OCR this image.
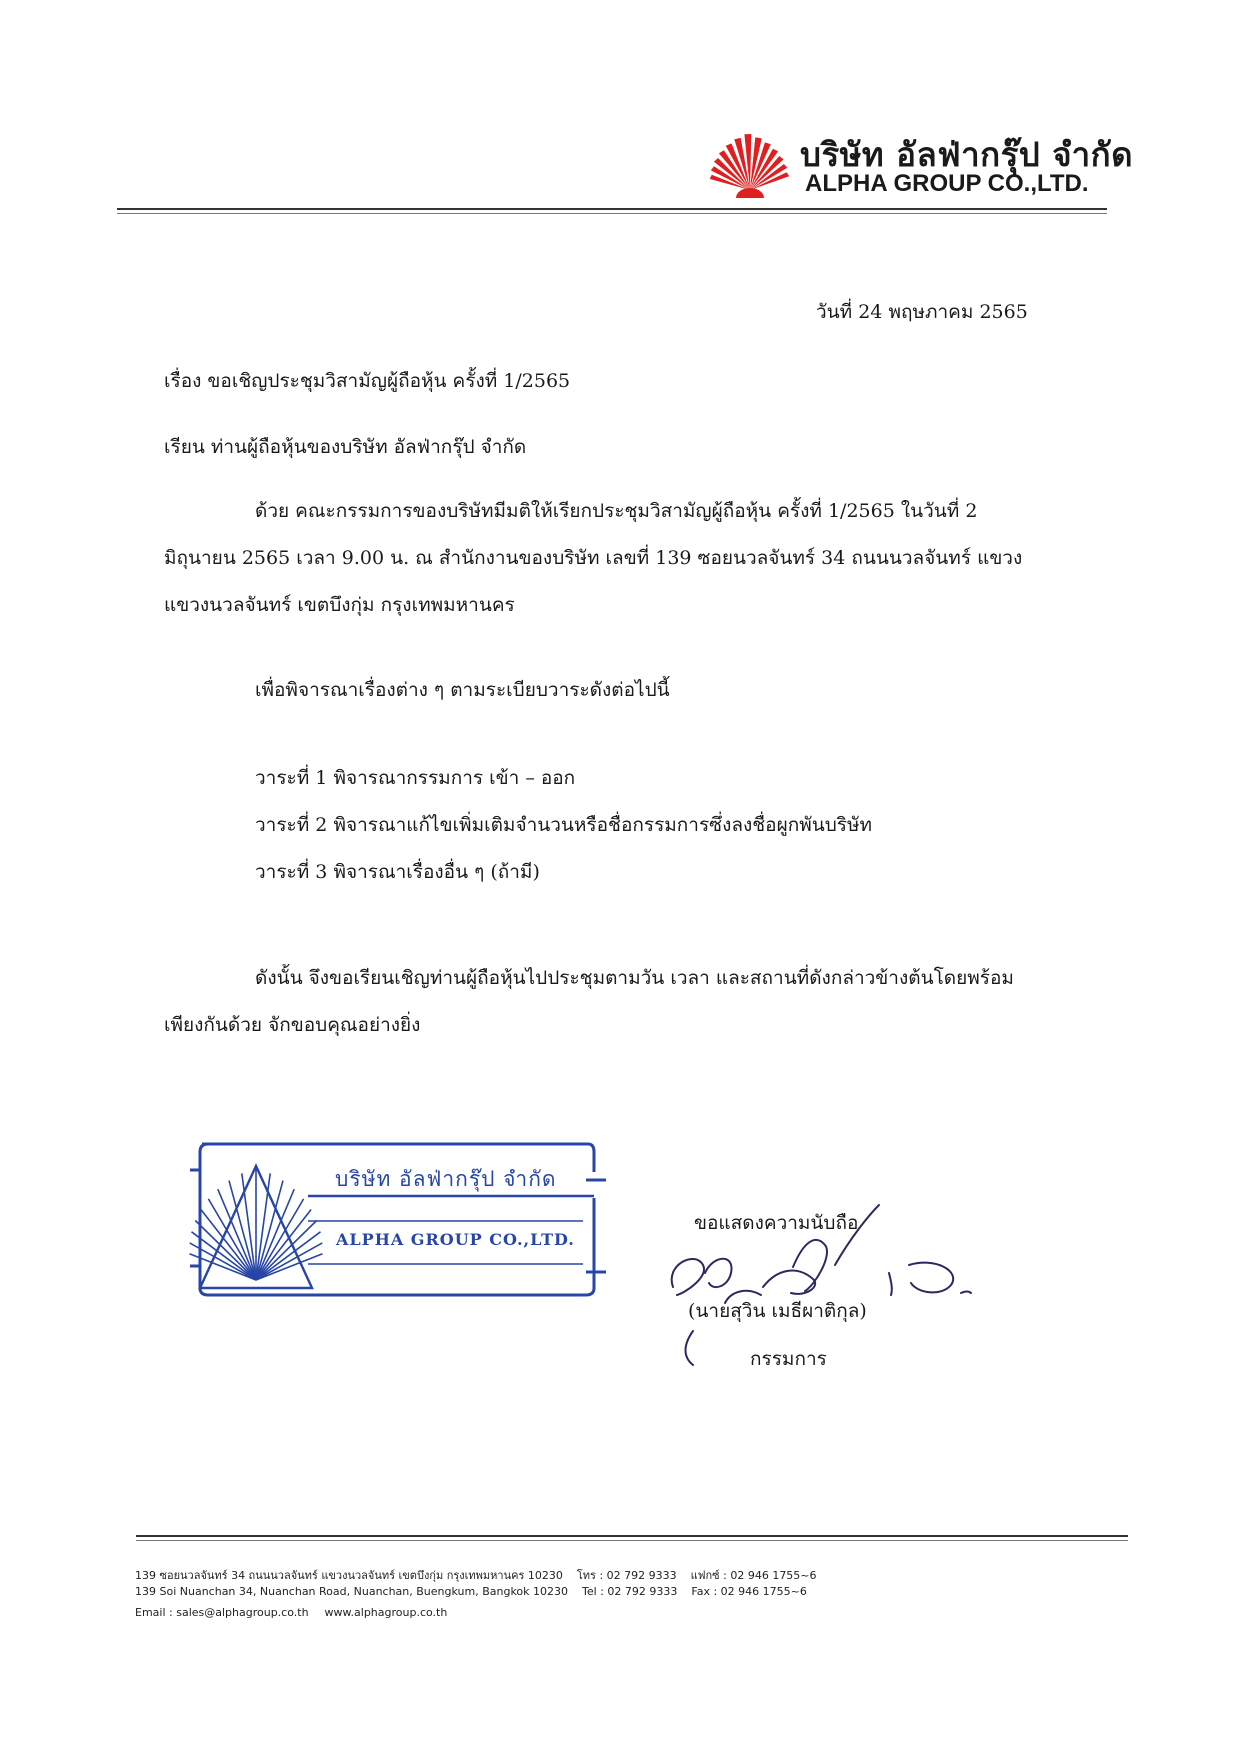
บริษัท อัลฟ่ากรุ๊ป จำกัด
ALPHA GROUP CO.,LTD.
วันที่ 24 พฤษภาคม 2565
เรื่อง ขอเชิญประชุมวิสามัญผู้ถือหุ้น ครั้งที่ 1/2565
เรียน ท่านผู้ถือหุ้นของบริษัท อัลฟ่ากรุ๊ป จำกัด
ด้วย คณะกรรมการของบริษัทมีมติให้เรียกประชุมวิสามัญผู้ถือหุ้น ครั้งที่ 1/2565 ในวันที่ 2
มิถุนายน 2565 เวลา 9.00 น. ณ สำนักงานของบริษัท เลขที่ 139 ซอยนวลจันทร์ 34 ถนนนวลจันทร์ แขวง
แขวงนวลจันทร์ เขตบึงกุ่ม กรุงเทพมหานคร
เพื่อพิจารณาเรื่องต่าง ๆ ตามระเบียบวาระดังต่อไปนี้
วาระที่ 1 พิจารณากรรมการ เข้า – ออก
วาระที่ 2 พิจารณาแก้ไขเพิ่มเติมจำนวนหรือชื่อกรรมการซึ่งลงชื่อผูกพันบริษัท
วาระที่ 3 พิจารณาเรื่องอื่น ๆ (ถ้ามี)
ดังนั้น จึงขอเรียนเชิญท่านผู้ถือหุ้นไปประชุมตามวัน เวลา และสถานที่ดังกล่าวข้างต้นโดยพร้อม
เพียงกันด้วย จักขอบคุณอย่างยิ่ง
บริษัท อัลฟ่ากรุ๊ป จำกัด
ALPHA GROUP CO.,LTD.
ขอแสดงความนับถือ
(นายสุวิน เมธีผาติกุล)
กรรมการ
139 ซอยนวลจันทร์ 34 ถนนนวลจันทร์ แขวงนวลจันทร์ เขตบึงกุ่ม กรุงเทพมหานคร 10230 โทร : 02 792 9333 แฟกซ์ : 02 946 1755~6
139 Soi Nuanchan 34, Nuanchan Road, Nuanchan, Buengkum, Bangkok 10230 Tel : 02 792 9333 Fax : 02 946 1755~6
Email : sales@alphagroup.co.th www.alphagroup.co.th
